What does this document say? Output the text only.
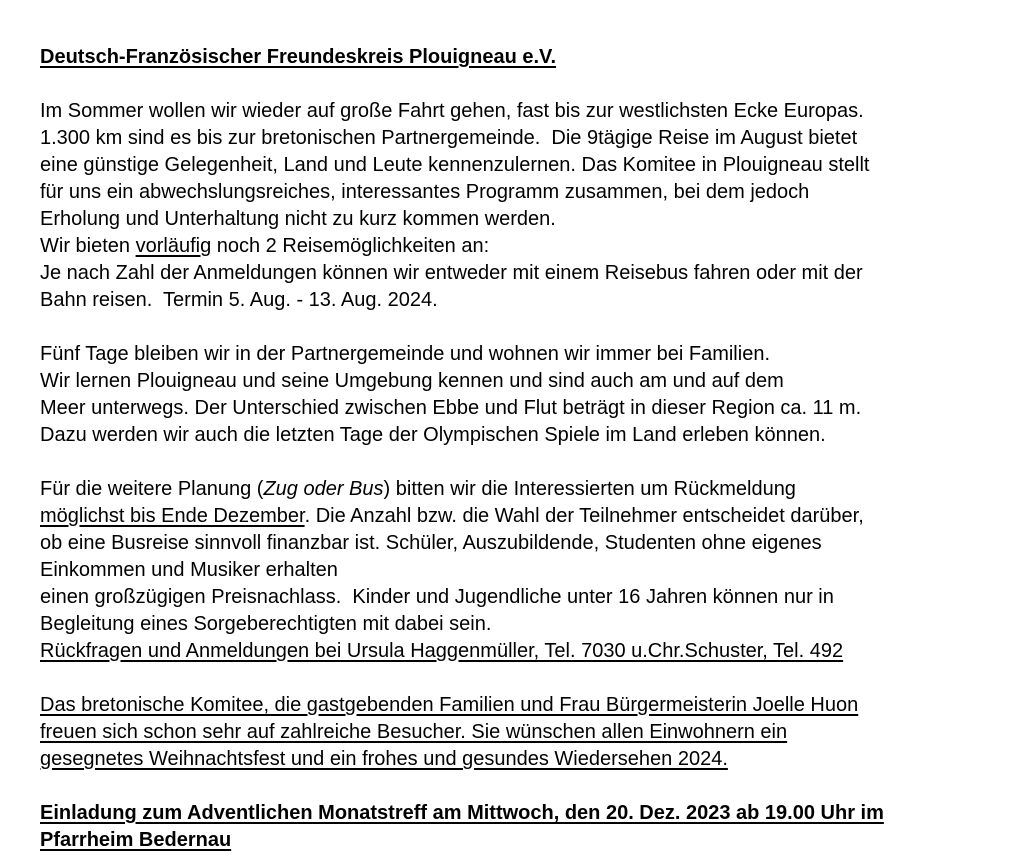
Deutsch-Französischer Freundeskreis Plouigneau e.V.
Im Sommer wollen wir wieder auf große Fahrt gehen, fast bis zur westlichsten Ecke Europas.
1.300 km sind es bis zur bretonischen Partnergemeinde.  Die 9tägige Reise im August bietet
eine günstige Gelegenheit, Land und Leute kennenzulernen. Das Komitee in Plouigneau stellt
für uns ein abwechslungsreiches, interessantes Programm zusammen, bei dem jedoch
Erholung und Unterhaltung nicht zu kurz kommen werden.
Wir bieten vorläufig noch 2 Reisemöglichkeiten an:
Je nach Zahl der Anmeldungen können wir entweder mit einem Reisebus fahren oder mit der
Bahn reisen.  Termin 5. Aug. - 13. Aug. 2024.
Fünf Tage bleiben wir in der Partnergemeinde und wohnen wir immer bei Familien.
Wir lernen Plouigneau und seine Umgebung kennen und sind auch am und auf dem
Meer unterwegs. Der Unterschied zwischen Ebbe und Flut beträgt in dieser Region ca. 11 m.
Dazu werden wir auch die letzten Tage der Olympischen Spiele im Land erleben können.
Für die weitere Planung (Zug oder Bus) bitten wir die Interessierten um Rückmeldung
möglichst bis Ende Dezember. Die Anzahl bzw. die Wahl der Teilnehmer entscheidet darüber,
ob eine Busreise sinnvoll finanzbar ist. Schüler, Auszubildende, Studenten ohne eigenes
Einkommen und Musiker erhalten
einen großzügigen Preisnachlass.  Kinder und Jugendliche unter 16 Jahren können nur in
Begleitung eines Sorgeberechtigten mit dabei sein.
Rückfragen und Anmeldungen bei Ursula Haggenmüller, Tel. 7030 u.Chr.Schuster, Tel. 492
Das bretonische Komitee, die gastgebenden Familien und Frau Bürgermeisterin Joelle Huon
freuen sich schon sehr auf zahlreiche Besucher. Sie wünschen allen Einwohnern ein
gesegnetes Weihnachtsfest und ein frohes und gesundes Wiedersehen 2024.
Einladung zum Adventlichen Monatstreff am Mittwoch, den 20. Dez. 2023 ab 19.00 Uhr im
Pfarrheim Bedernau
